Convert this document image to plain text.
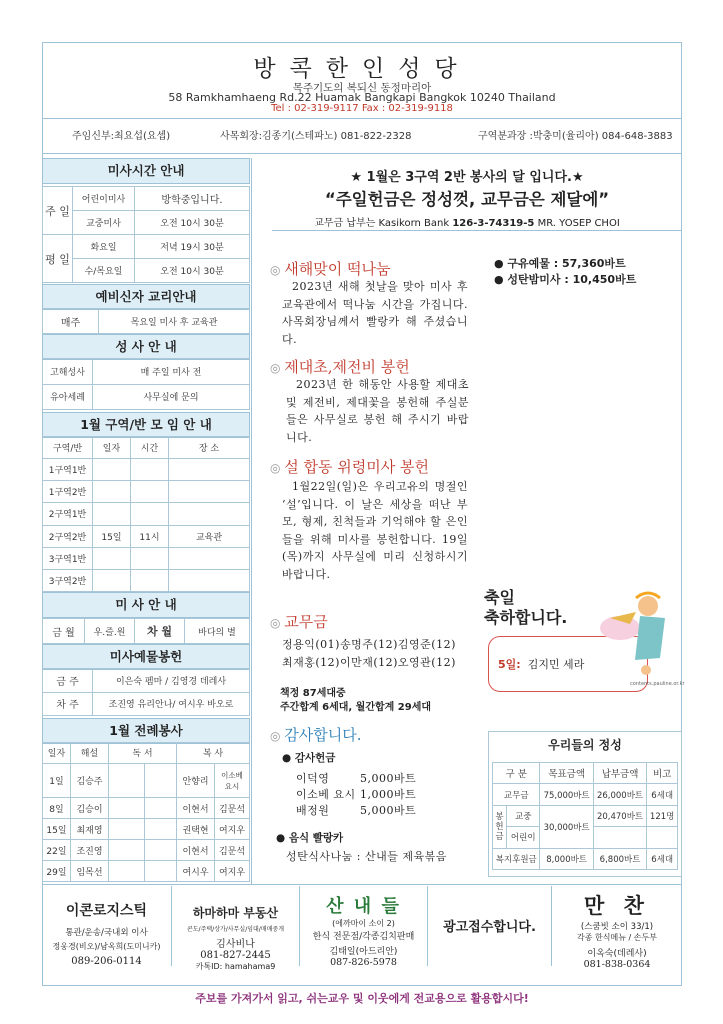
방콕한인성당
목주기도의 복되신 동정마리아
58 Ramkhamhaeng Rd.22 Huamak Bangkapi Bangkok 10240 Thailand
Tel : 02-319-9117 Fax : 02-319-9118
주임신부:최요섭(요셉)	사목회장:김종기(스테파노) 081-822-2328	구역분과장 :박충미(율리아) 084-648-3883
미사시간 안내
주 일	어린이미사	방학중입니다.
	교중미사	오전 10시 30분
평 일	화요일	저녁 19시 30분
	수/목요일	오전 10시 30분
예비신자 교리안내
매주	목요일 미사 후 교육관
성 사 안 내
고해성사	매 주일 미사 전
유아세례	사무실에 문의
1월 구역/반 모 임 안 내
구역/반	일자	시간	장 소
1구역1반			
1구역2반			
2구역1반			
2구역2반	15일	11시	교육관
3구역1반			
3구역2반			
미 사 안 내
금 월	우.즐.원	차 월	바다의 별
미사예물봉헌
금 주	이은숙 펨마 / 김영경 데레사
차 주	조진영 유리안나/ 여시우 바오로
1월 전례봉사
일자	해설	독 서		복 사	
1일	김승주			안향리	이소베 요시
8일	김승이			이현서	김문석
15일	최재영			권택현	여지우
22일	조진영			이현서	김문석
29일	임목선			여시우	여지우
★ 1월은 3구역 2반 봉사의 달 입니다.★
“주일헌금은 정성껏, 교무금은 제달에”
교무금 납부는 Kasikorn Bank 126-3-74319-5 MR. YOSEP CHOI
● 구유예물 : 57,360바트
● 성탄밤미사 : 10,450바트
◎ 새해맞이 떡나눔
2023년 새해 첫날을 맞아 미사 후 교육관에서 떡나눔 시간을 가집니다. 사목회장님께서 빨랑카 해 주셨습니다.
◎ 제대초,제전비 봉헌
2023년 한 해동안 사용할 제대초 및 제전비, 제대꽃을 봉헌해 주실분들은 사무실로 봉헌 해 주시기 바랍니다.
◎ 설 합동 위령미사 봉헌
1월22일(일)은 우리고유의 명절인 ‘설’입니다. 이 날은 세상을 떠난 부모, 형제, 친척들과 기억해야 할 은인들을 위해 미사를 봉헌합니다. 19일(목)까지 사무실에 미리 신청하시기 바랍니다.
◎ 교무금
정용익(01)송명주(12)김영준(12)
최재홍(12)이만재(12)오영관(12)
책정 87세대중
주간합계 6세대, 월간합계 29세대
◎ 감사합니다.
● 감사헌금
이덕영	5,000바트
이소베 요시 1,000바트
배정원	5,000바트
● 음식 빨랑카
성탄식사나눔 : 산내들 제육볶음
축일
축하합니다.
5일: 김지민 세라
contents.pauline.or.kr
우리들의 정성
구 분		목표금액	납부금액	비고
교무금		75,000바트	26,000바트	6세대
봉헌금	교중	30,000바트	20,470바트	121명
	어린이			
복지후원금		8,000바트	6,800바트	6세대
이콘로지스틱
통관/운송/국내외 이사
정웅경(비오)/남옥희(도미니카)
089-206-0114
하마하마 부동산
콘도/주택/상가/사무실/임대/매매중개
김사비나
081-827-2445
카톡ID: hamahama9
산 내 들
(에까마이 소이 2)
한식 전문점/각종김치판매
김태일(아드리안)
087-826-5978
광고접수합니다.
만 찬
(스쿰빗 소이 33/1)
각종 한식메뉴 / 손두부
이옥숙(데레사)
081-838-0364
주보를 가져가서 읽고, 쉬는교우 및 이웃에게 전교용으로 활용합시다!
